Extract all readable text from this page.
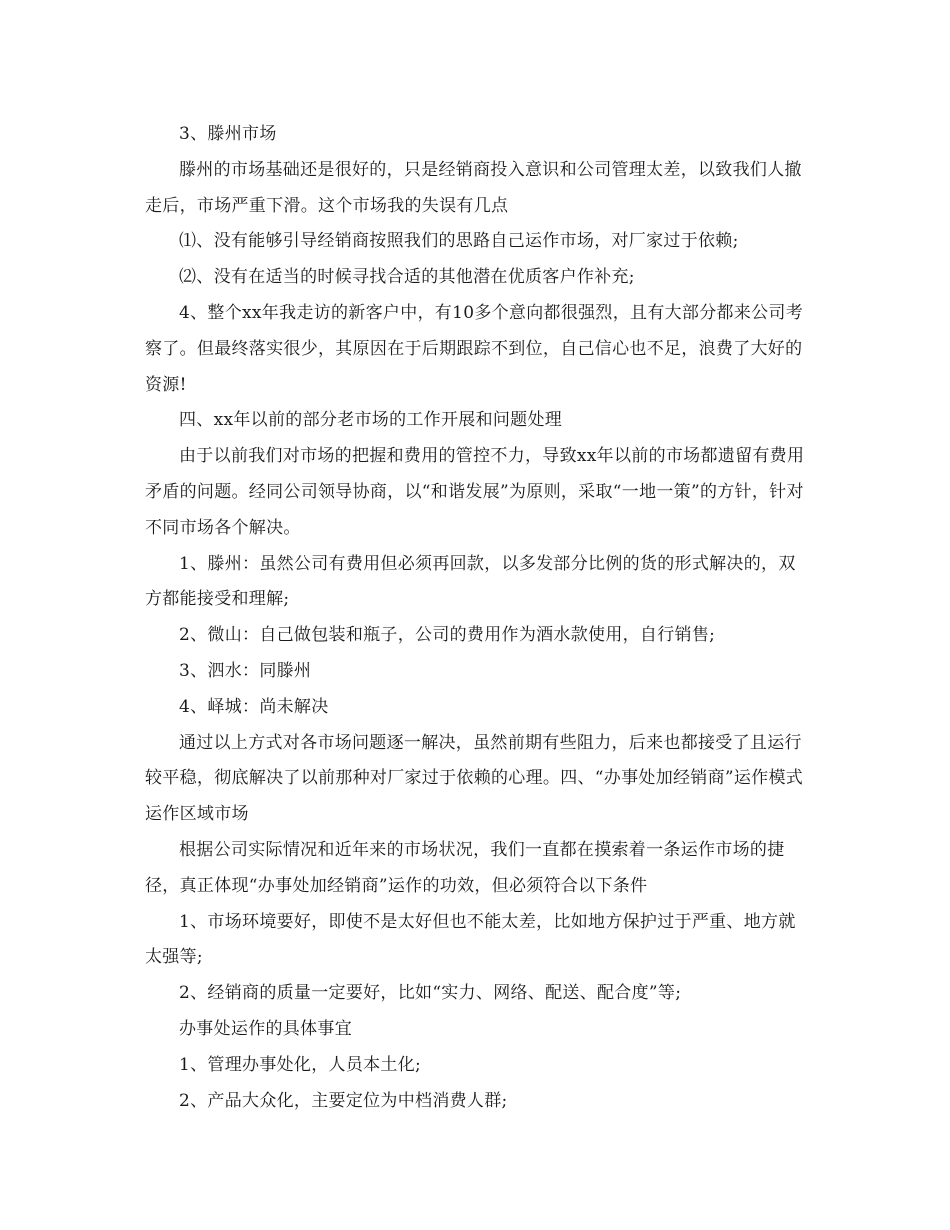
3、滕州市场

滕州的市场基础还是很好的，只是经销商投入意识和公司管理太差，以致我们人撤走后，市场严重下滑。这个市场我的失误有几点

⑴、没有能够引导经销商按照我们的思路自己运作市场，对厂家过于依赖;

⑵、没有在适当的时候寻找合适的其他潜在优质客户作补充;

4、整个xx年我走访的新客户中，有10多个意向都很强烈，且有大部分都来公司考察了。但最终落实很少，其原因在于后期跟踪不到位，自己信心也不足，浪费了大好的资源!

四、xx年以前的部分老市场的工作开展和问题处理

由于以前我们对市场的把握和费用的管控不力，导致xx年以前的市场都遗留有费用矛盾的问题。经同公司领导协商，以“和谐发展”为原则，采取“一地一策”的方针，针对不同市场各个解决。

1、滕州：虽然公司有费用但必须再回款，以多发部分比例的货的形式解决的，双方都能接受和理解;

2、微山：自己做包装和瓶子，公司的费用作为酒水款使用，自行销售;

3、泗水：同滕州

4、峄城：尚未解决

通过以上方式对各市场问题逐一解决，虽然前期有些阻力，后来也都接受了且运行较平稳，彻底解决了以前那种对厂家过于依赖的心理。四、“办事处加经销商”运作模式运作区域市场

根据公司实际情况和近年来的市场状况，我们一直都在摸索着一条运作市场的捷径，真正体现“办事处加经销商”运作的功效，但必须符合以下条件

1、市场环境要好，即使不是太好但也不能太差，比如地方保护过于严重、地方就太强等;

2、经销商的质量一定要好，比如“实力、网络、配送、配合度”等;

办事处运作的具体事宜

1、管理办事处化，人员本土化;

2、产品大众化，主要定位为中档消费人群;
